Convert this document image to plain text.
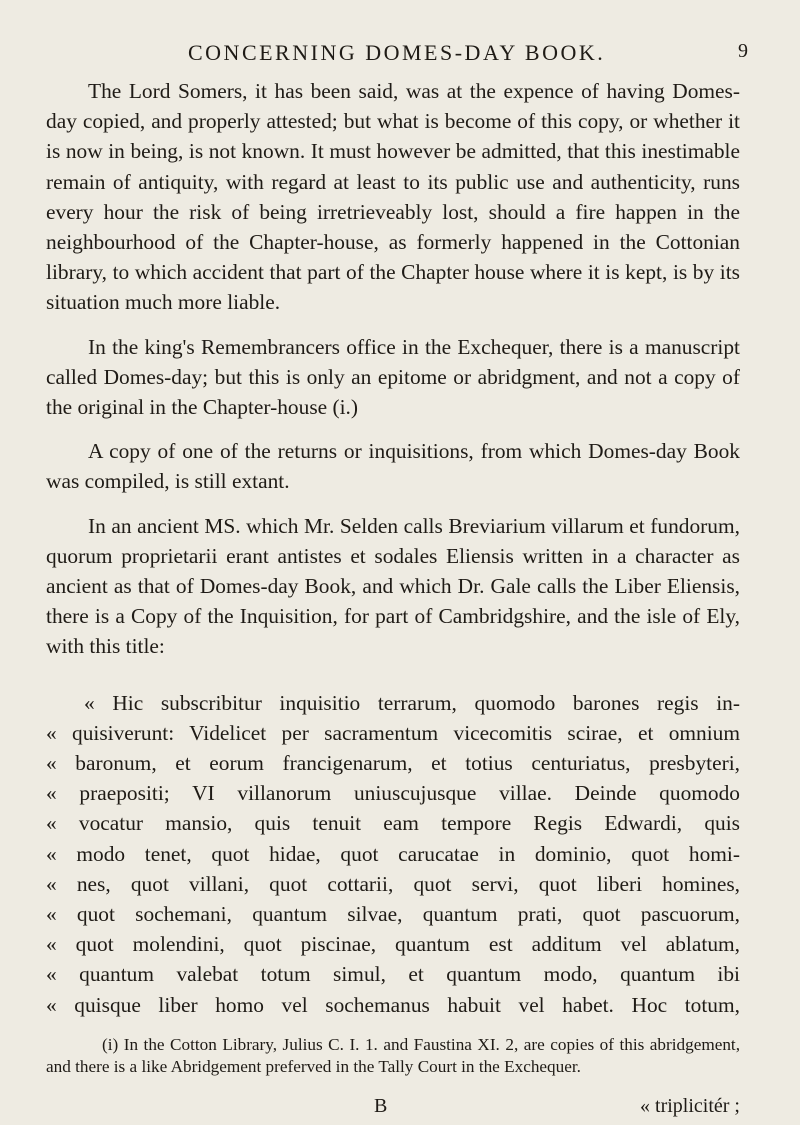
CONCERNING DOMES-DAY BOOK.	9

The Lord Somers, it has been said, was at the expence of having Domes-day copied, and properly attested; but what is become of this copy, or whether it is now in being, is not known. It must however be admitted, that this inestimable remain of antiquity, with regard at least to its public use and authenticity, runs every hour the risk of being irretrieveably lost, should a fire happen in the neighbourhood of the Chapter-house, as formerly happened in the Cottonian library, to which accident that part of the Chapter house where it is kept, is by its situation much more liable.

In the king's Remembrancers office in the Exchequer, there is a manuscript called Domes-day; but this is only an epitome or abridgment, and not a copy of the original in the Chapter-house (i.)

A copy of one of the returns or inquisitions, from which Domes-day Book was compiled, is still extant.

In an ancient MS. which Mr. Selden calls Breviarium villarum et fundorum, quorum proprietarii erant antistes et sodales Eliensis written in a character as ancient as that of Domes-day Book, and which Dr. Gale calls the Liber Eliensis, there is a Copy of the Inquisition, for part of Cambridgshire, and the isle of Ely, with this title:

« Hic subscribitur inquisitio terrarum, quomodo barones regis in-
« quisiverunt: Videlicet per sacramentum vicecomitis scirae, et omnium
« baronum, et eorum francigenarum, et totius centuriatus, presbyteri,
« praepositi; VI villanorum uniuscujusque villae. Deinde quomodo
« vocatur mansio, quis tenuit eam tempore Regis Edwardi, quis
« modo tenet, quot hidae, quot carucatae in dominio, quot homi-
« nes, quot villani, quot cottarii, quot servi, quot liberi homines,
« quot sochemani, quantum silvae, quantum prati, quot pascuorum,
« quot molendini, quot piscinae, quantum est additum vel ablatum,
« quantum valebat totum simul, et quantum modo, quantum ibi
« quisque liber homo vel sochemanus habuit vel habet. Hoc totum,

(i) In the Cotton Library, Julius C. I. 1. and Faustina XI. 2, are copies of this abridgement, and there is a like Abridgement preferved in the Tally Court in the Exchequer.

B	« triplicitér ;
